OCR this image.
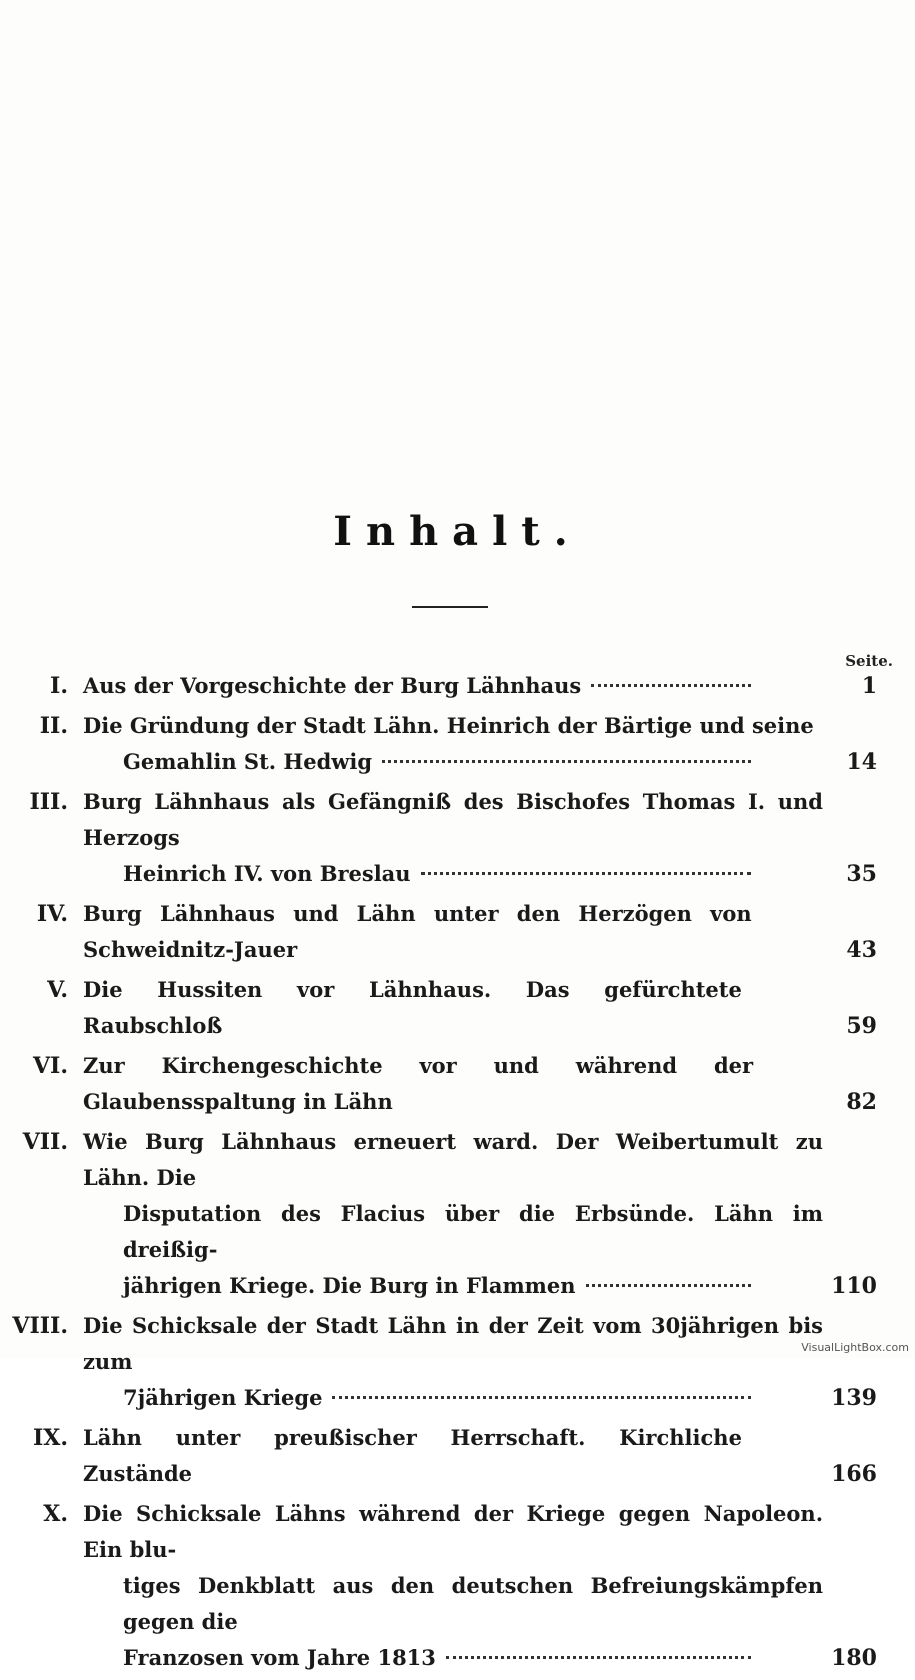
Inhalt.
Seite.
I. Aus der Vorgeschichte der Burg Lähnhaus	1
II. Die Gründung der Stadt Lähn. Heinrich der Bärtige und seine
Gemahlin St. Hedwig	14
III. Burg Lähnhaus als Gefängniß des Bischofes Thomas I. und Herzogs
Heinrich IV. von Breslau	35
IV. Burg Lähnhaus und Lähn unter den Herzögen von Schweidnitz-Jauer	43
V. Die Hussiten vor Lähnhaus. Das gefürchtete Raubschloß	59
VI. Zur Kirchengeschichte vor und während der Glaubensspaltung in Lähn	82
VII. Wie Burg Lähnhaus erneuert ward. Der Weibertumult zu Lähn. Die
Disputation des Flacius über die Erbsünde. Lähn im dreißig-
jährigen Kriege. Die Burg in Flammen	110
VIII. Die Schicksale der Stadt Lähn in der Zeit vom 30jährigen bis zum
7jährigen Kriege	139
IX. Lähn unter preußischer Herrschaft. Kirchliche Zustände	166
X. Die Schicksale Lähns während der Kriege gegen Napoleon. Ein blu-
tiges Denkblatt aus den deutschen Befreiungskämpfen gegen die
Franzosen vom Jahre 1813	180
VisualLightBox.com
